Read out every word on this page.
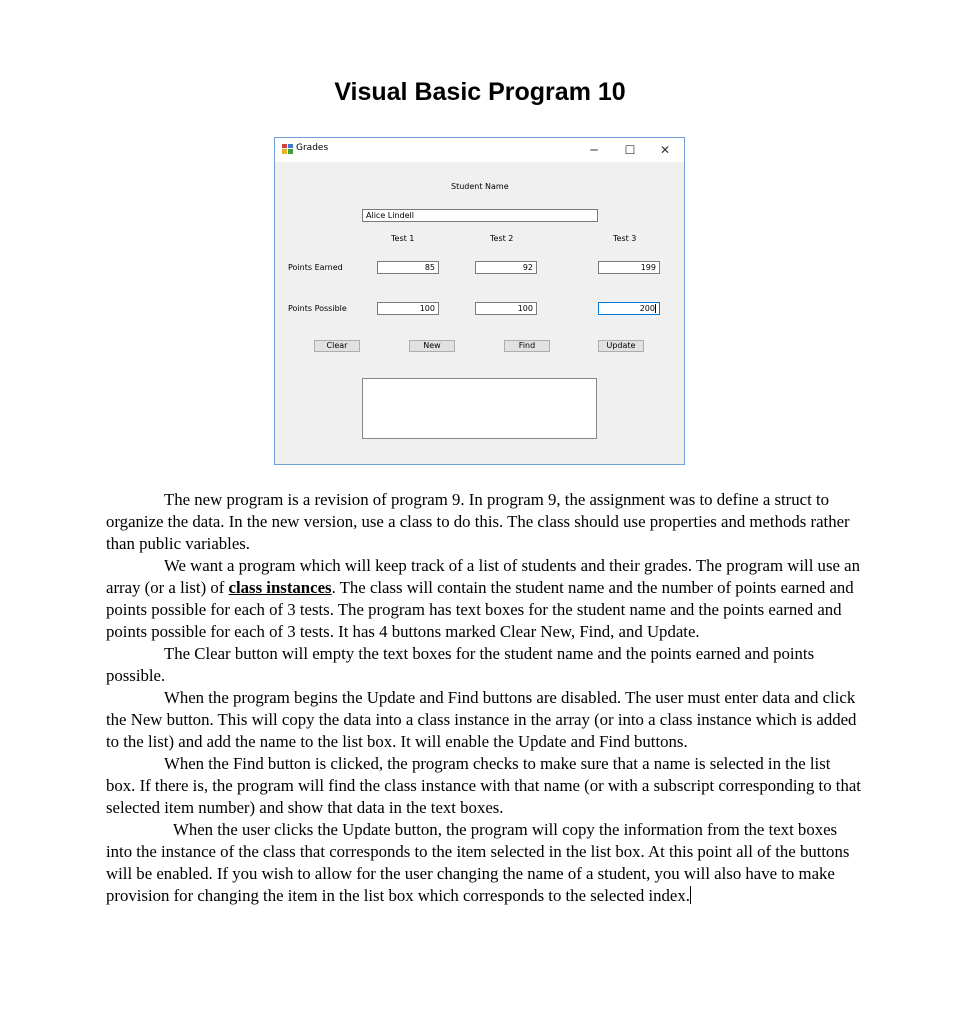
Visual Basic Program 10
Grades	─	☐	✕
Student Name
Alice Lindell
Test 1	Test 2	Test 3
Points Earned	85	92	199
Points Possible	100	100	200
Clear	New	Find	Update

The new program is a revision of program 9. In program 9, the assignment was to define a struct to organize the data. In the new version, use a class to do this. The class should use properties and methods rather than public variables.

We want a program which will keep track of a list of students and their grades. The program will use an array (or a list) of class instances. The class will contain the student name and the number of points earned and points possible for each of 3 tests. The program has text boxes for the student name and the points earned and points possible for each of 3 tests. It has 4 buttons marked Clear New, Find, and Update.

The Clear button will empty the text boxes for the student name and the points earned and points possible.

When the program begins the Update and Find buttons are disabled. The user must enter data and click the New button. This will copy the data into a class instance in the array (or into a class instance which is added to the list) and add the name to the list box. It will enable the Update and Find buttons.

When the Find button is clicked, the program checks to make sure that a name is selected in the list box. If there is, the program will find the class instance with that name (or with a subscript corresponding to that selected item number) and show that data in the text boxes.

When the user clicks the Update button, the program will copy the information from the text boxes into the instance of the class that corresponds to the item selected in the list box. At this point all of the buttons will be enabled. If you wish to allow for the user changing the name of a student, you will also have to make provision for changing the item in the list box which corresponds to the selected index.
